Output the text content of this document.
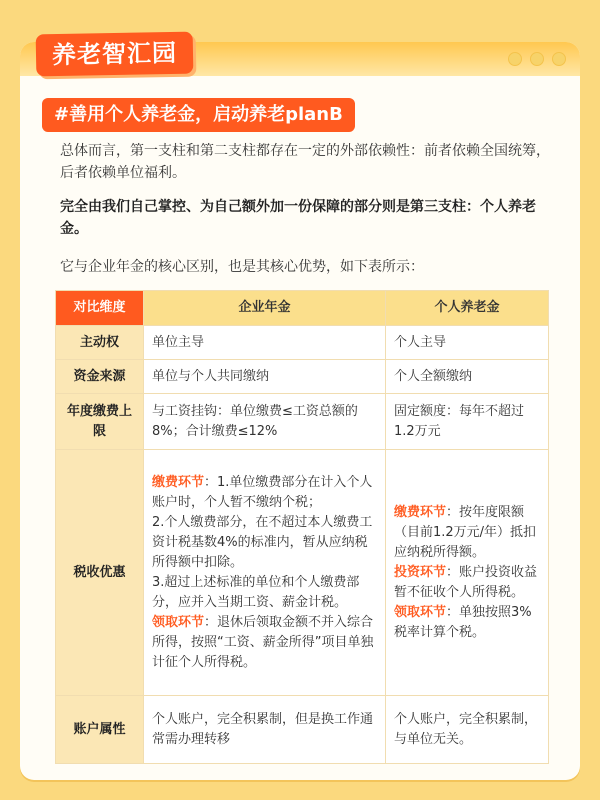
养老智汇园
#善用个人养老金，启动养老planB
总体而言，第一支柱和第二支柱都存在一定的外部依赖性：前者依赖全国统筹，后者依赖单位福利。
完全由我们自己掌控、为自己额外加一份保障的部分则是第三支柱：个人养老金。
它与企业年金的核心区别，也是其核心优势，如下表所示：
对比维度	企业年金	个人养老金
主动权	单位主导	个人主导
资金来源	单位与个人共同缴纳	个人全额缴纳
年度缴费上限	与工资挂钩：单位缴费≤工资总额的8%；合计缴费≤12%	固定额度：每年不超过1.2万元
税收优惠	缴费环节：1.单位缴费部分在计入个人账户时，个人暂不缴纳个税；
2.个人缴费部分，在不超过本人缴费工资计税基数4%的标准内，暂从应纳税所得额中扣除。
3.超过上述标准的单位和个人缴费部分，应并入当期工资、薪金计税。
领取环节：退休后领取金额不并入综合所得，按照“工资、薪金所得”项目单独计征个人所得税。	缴费环节：按年度限额（目前1.2万元/年）抵扣应纳税所得额。
投资环节：账户投资收益暂不征收个人所得税。
领取环节：单独按照3%税率计算个税。
账户属性	个人账户，完全积累制，但是换工作通常需办理转移	个人账户，完全积累制，与单位无关。
